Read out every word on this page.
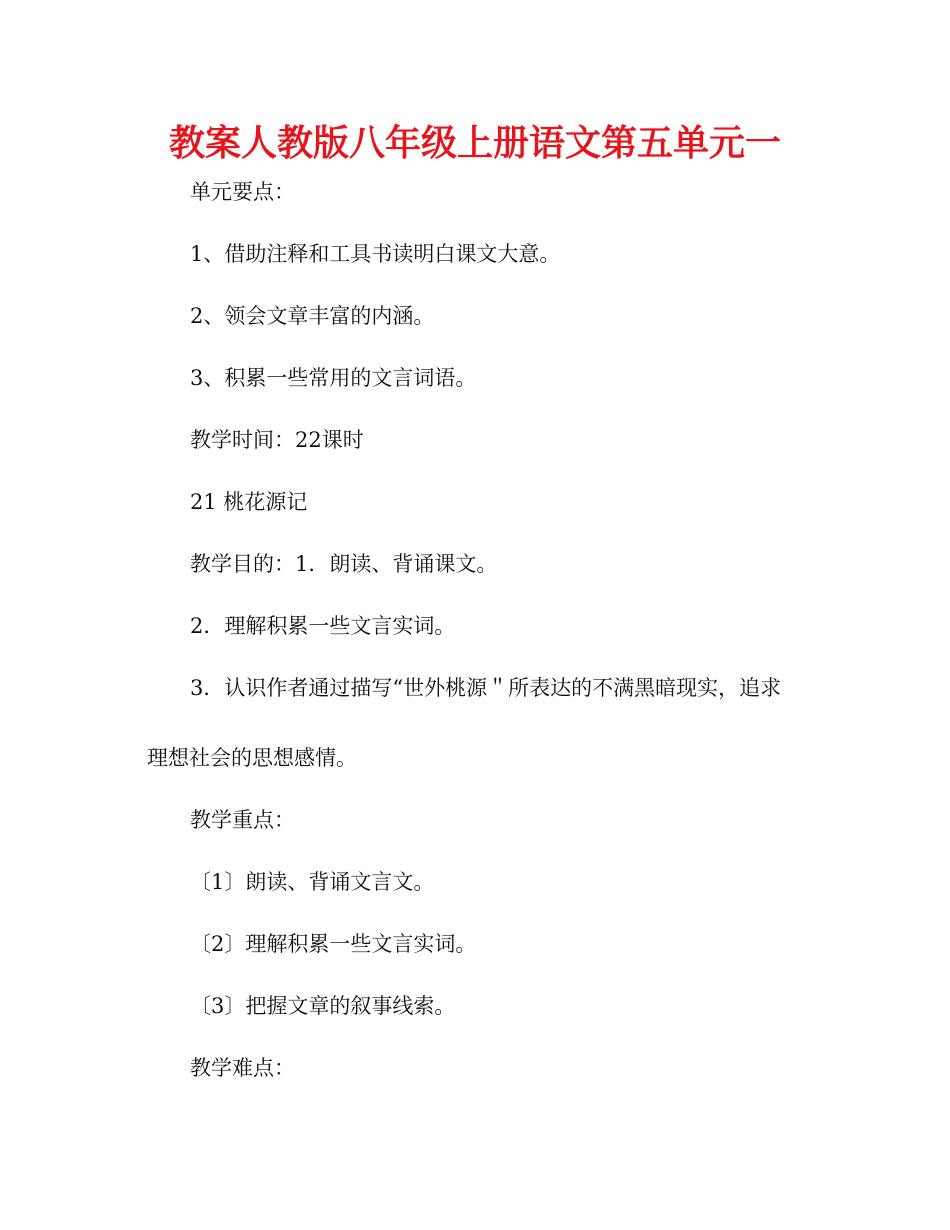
教案人教版八年级上册语文第五单元一
单元要点：
1、借助注释和工具书读明白课文大意。
2、领会文章丰富的内涵。
3、积累一些常用的文言词语。
教学时间：22课时
21 桃花源记
教学目的：1．朗读、背诵课文。
2．理解积累一些文言实词。
3．认识作者通过描写“世外桃源＂所表达的不满黑暗现实，追求
理想社会的思想感情。
教学重点：
〔1〕朗读、背诵文言文。
〔2〕理解积累一些文言实词。
〔3〕把握文章的叙事线索。
教学难点：
